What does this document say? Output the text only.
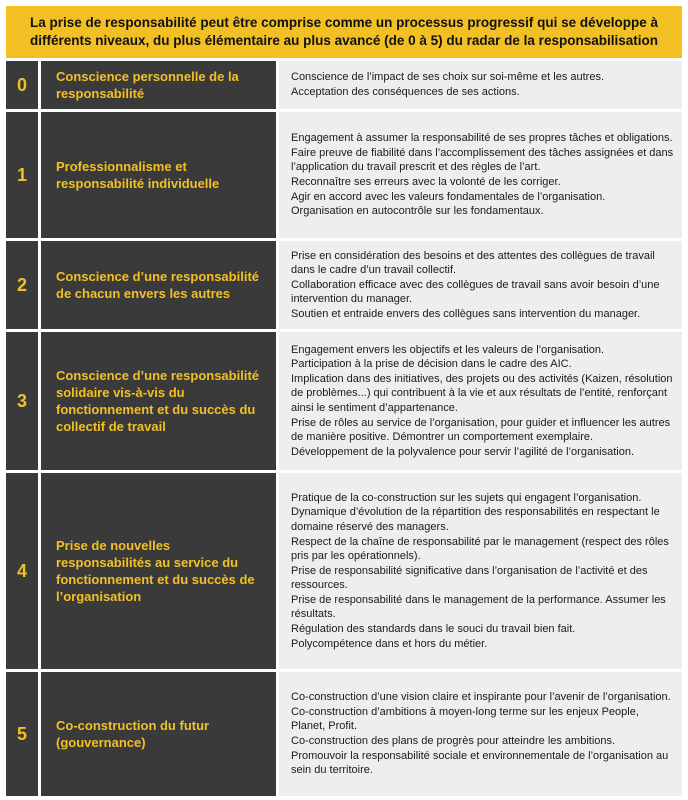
La prise de responsabilité peut être comprise comme un processus progressif qui se développe à différents niveaux, du plus élémentaire au plus avancé (de 0 à 5) du radar de la responsabilisation
0	Conscience personnelle de la responsabilité
Conscience de l’impact de ses choix sur soi-même et les autres.
Acceptation des conséquences de ses actions.
1	Professionnalisme et responsabilité individuelle
Engagement à assumer la responsabilité de ses propres tâches et obligations.
Faire preuve de fiabilité dans l’accomplissement des tâches assignées et dans l’application du travail prescrit et des règles de l’art.
Reconnaître ses erreurs avec la volonté de les corriger.
Agir en accord avec les valeurs fondamentales de l’organisation.
Organisation en autocontrôle sur les fondamentaux.
2	Conscience d’une responsabilité de chacun envers les autres
Prise en considération des besoins et des attentes des collègues de travail dans le cadre d’un travail collectif.
Collaboration efficace avec des collègues de travail sans avoir besoin d’une intervention du manager.
Soutien et entraide envers des collègues sans intervention du manager.
3
Conscience d’une responsabilité solidaire vis-à-vis du fonctionnement et du succès du collectif de travail
Engagement envers les objectifs et les valeurs de l’organisation.
Participation à la prise de décision dans le cadre des AIC.
Implication dans des initiatives, des projets ou des activités (Kaizen, résolution de problèmes...) qui contribuent à la vie et aux résultats de l’entité, renforçant ainsi le sentiment d’appartenance.
Prise de rôles au service de l’organisation, pour guider et influencer les autres de manière positive. Démontrer un comportement exemplaire.
Développement de la polyvalence pour servir l’agilité de l’organisation.
4
Prise de nouvelles responsabilités au service du fonctionnement et du succès de l’organisation
Pratique de la co-construction sur les sujets qui engagent l’organisation.
Dynamique d’évolution de la répartition des responsabilités en respectant le domaine réservé des managers.
Respect de la chaîne de responsabilité par le management (respect des rôles pris par les opérationnels).
Prise de responsabilité significative dans l’organisation de l’activité et des ressources.
Prise de responsabilité dans le management de la performance. Assumer les résultats.
Régulation des standards dans le souci du travail bien fait.
Polycompétence dans et hors du métier.
5	Co-construction du futur (gouvernance)
Co-construction d’une vision claire et inspirante pour l’avenir de l’organisation.
Co-construction d’ambitions à moyen-long terme sur les enjeux People, Planet, Profit.
Co-construction des plans de progrès pour atteindre les ambitions.
Promouvoir la responsabilité sociale et environnementale de l’organisation au sein du territoire.
